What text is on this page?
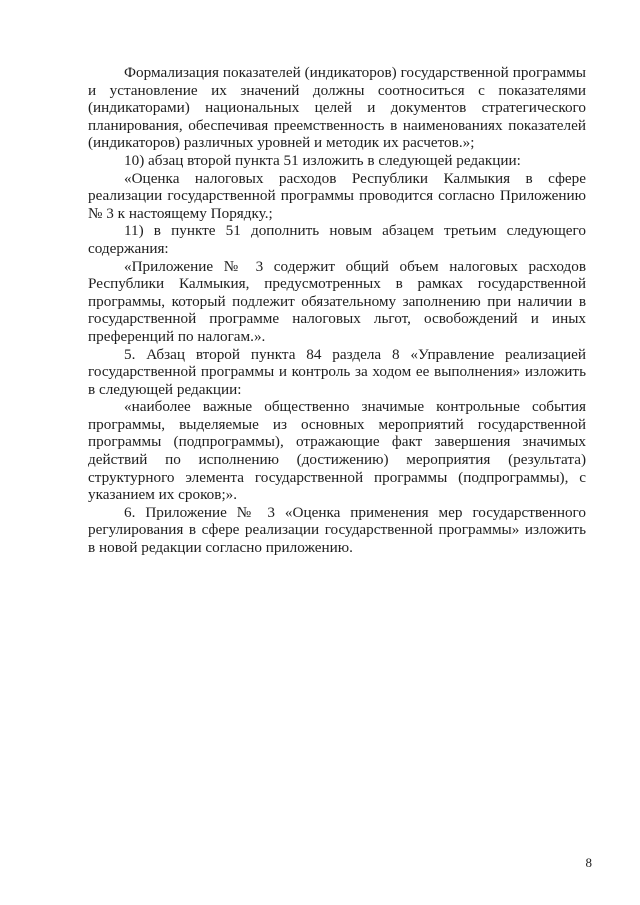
Формализация показателей (индикаторов) государственной программы и установление их значений должны соотноситься с показателями (индикаторами) национальных целей и документов стратегического планирования, обеспечивая преемственность в наименованиях показателей (индикаторов) различных уровней и методик их расчетов.»;

10) абзац второй пункта 51 изложить в следующей редакции:

«Оценка налоговых расходов Республики Калмыкия в сфере реализации государственной программы проводится согласно Приложению № 3 к настоящему Порядку.;

11) в пункте 51 дополнить новым абзацем третьим следующего содержания:

«Приложение № 3 содержит общий объем налоговых расходов Республики Калмыкия, предусмотренных в рамках государственной программы, который подлежит обязательному заполнению при наличии в государственной программе налоговых льгот, освобождений и иных преференций по налогам.».

5. Абзац второй пункта 84 раздела 8 «Управление реализацией государственной программы и контроль за ходом ее выполнения» изложить в следующей редакции:

«наиболее важные общественно значимые контрольные события программы, выделяемые из основных мероприятий государственной программы (подпрограммы), отражающие факт завершения значимых действий по исполнению (достижению) мероприятия (результата) структурного элемента государственной программы (подпрограммы), с указанием их сроков;».

6. Приложение № 3 «Оценка применения мер государственного регулирования в сфере реализации государственной программы» изложить в новой редакции согласно приложению.

8
